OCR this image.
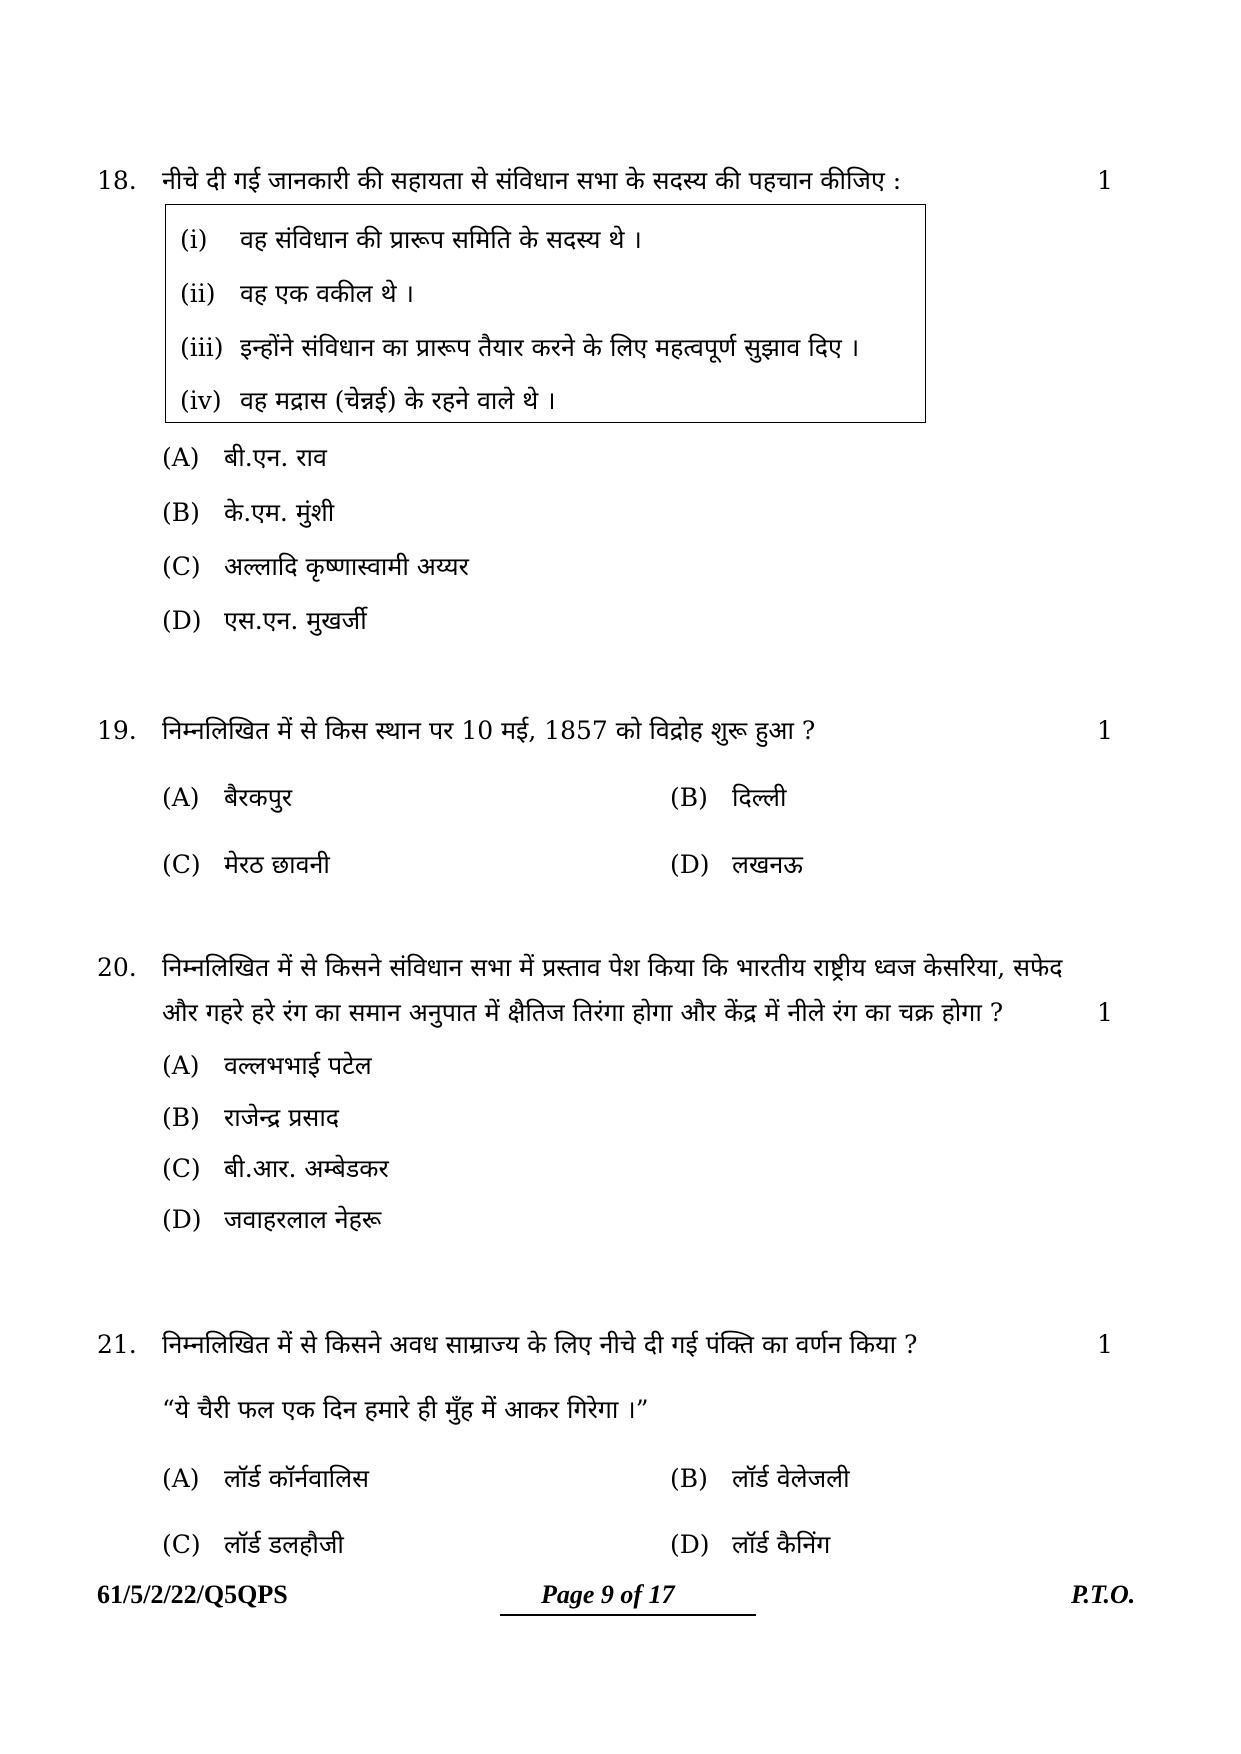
18. नीचे दी गई जानकारी की सहायता से संविधान सभा के सदस्य की पहचान कीजिए :	1
(i) वह संविधान की प्रारूप समिति के सदस्य थे ।
(ii) वह एक वकील थे ।
(iii) इन्होंने संविधान का प्रारूप तैयार करने के लिए महत्वपूर्ण सुझाव दिए ।
(iv) वह मद्रास (चेन्नई) के रहने वाले थे ।
(A) बी.एन. राव
(B) के.एम. मुंशी
(C) अल्लादि कृष्णास्वामी अय्यर
(D) एस.एन. मुखर्जी
19. निम्नलिखित में से किस स्थान पर 10 मई, 1857 को विद्रोह शुरू हुआ ?	1
(A) बैरकपुर	(B) दिल्ली
(C) मेरठ छावनी	(D) लखनऊ
20. निम्नलिखित में से किसने संविधान सभा में प्रस्ताव पेश किया कि भारतीय राष्ट्रीय ध्वज केसरिया, सफेद
और गहरे हरे रंग का समान अनुपात में क्षैतिज तिरंगा होगा और केंद्र में नीले रंग का चक्र होगा ?	1
(A) वल्लभभाई पटेल
(B) राजेन्द्र प्रसाद
(C) बी.आर. अम्बेडकर
(D) जवाहरलाल नेहरू
21. निम्नलिखित में से किसने अवध साम्राज्य के लिए नीचे दी गई पंक्ति का वर्णन किया ?	1
“ये चैरी फल एक दिन हमारे ही मुँह में आकर गिरेगा ।”
(A) लॉर्ड कॉर्नवालिस	(B) लॉर्ड वेलेजली
(C) लॉर्ड डलहौजी	(D) लॉर्ड कैनिंग
61/5/2/22/Q5QPS	Page 9 of 17	P.T.O.
